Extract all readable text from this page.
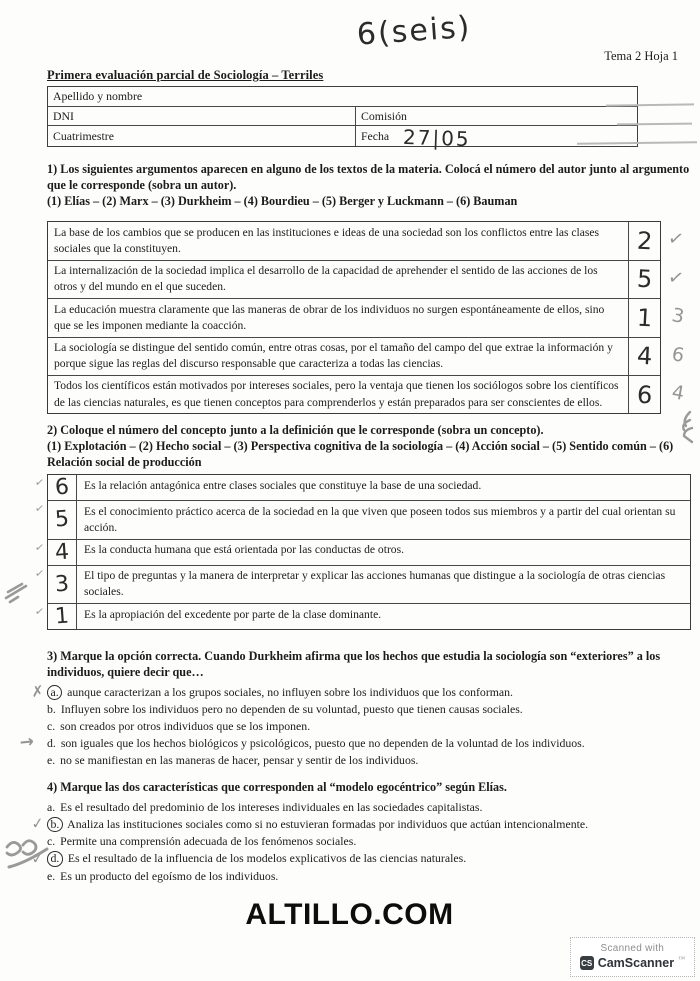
Tema 2 Hoja 1
6(seis)
Primera evaluación parcial de Sociología – Terriles
Apellido y nombre
DNI	Comisión
Cuatrimestre	Fecha 27|05
1) Los siguientes argumentos aparecen en alguno de los textos de la materia. Colocá el número del autor junto al argumento que le corresponde (sobra un autor).
(1) Elías – (2) Marx – (3) Durkheim – (4) Bourdieu – (5) Berger y Luckmann – (6) Bauman
La base de los cambios que se producen en las instituciones e ideas de una sociedad son los conflictos entre las clases sociales que la constituyen.	2 ✓
La internalización de la sociedad implica el desarrollo de la capacidad de aprehender el sentido de las acciones de los otros y del mundo en el que suceden.	5 ✓
La educación muestra claramente que las maneras de obrar de los individuos no surgen espontáneamente de ellos, sino que se les imponen mediante la coacción.	1 3
La sociología se distingue del sentido común, entre otras cosas, por el tamaño del campo del que extrae la información y porque sigue las reglas del discurso responsable que caracteriza a todas las ciencias.	4 6
Todos los científicos están motivados por intereses sociales, pero la ventaja que tienen los sociólogos sobre los científicos de las ciencias naturales, es que tienen conceptos para comprenderlos y están preparados para ser conscientes de ellos.	6 4
2) Coloque el número del concepto junto a la definición que le corresponde (sobra un concepto).
(1) Explotación – (2) Hecho social – (3) Perspectiva cognitiva de la sociología – (4) Acción social – (5) Sentido común – (6) Relación social de producción
✓ 6	Es la relación antagónica entre clases sociales que constituye la base de una sociedad.
✓ 5	Es el conocimiento práctico acerca de la sociedad en la que viven que poseen todos sus miembros y a partir del cual orientan su acción.
✓ 4	Es la conducta humana que está orientada por las conductas de otros.
✓ 3	El tipo de preguntas y la manera de interpretar y explicar las acciones humanas que distingue a la sociología de otras ciencias sociales.
✓ 1	Es la apropiación del excedente por parte de la clase dominante.
3) Marque la opción correcta. Cuando Durkheim afirma que los hechos que estudia la sociología son “exteriores” a los individuos, quiere decir que…
✗ a. aunque caracterizan a los grupos sociales, no influyen sobre los individuos que los conforman.
b. Influyen sobre los individuos pero no dependen de su voluntad, puesto que tienen causas sociales.
c. son creados por otros individuos que se los imponen.
→ d. son iguales que los hechos biológicos y psicológicos, puesto que no dependen de la voluntad de los individuos.
e. no se manifiestan en las maneras de hacer, pensar y sentir de los individuos.
4) Marque las dos características que corresponden al “modelo egocéntrico” según Elías.
a. Es el resultado del predominio de los intereses individuales en las sociedades capitalistas.
✓ b. Analiza las instituciones sociales como si no estuvieran formadas por individuos que actúan intencionalmente.
c. Permite una comprensión adecuada de los fenómenos sociales.
✓ d. Es el resultado de la influencia de los modelos explicativos de las ciencias naturales.
e. Es un producto del egoísmo de los individuos.
ALTILLO.COM
Scanned with
CS CamScanner ™
